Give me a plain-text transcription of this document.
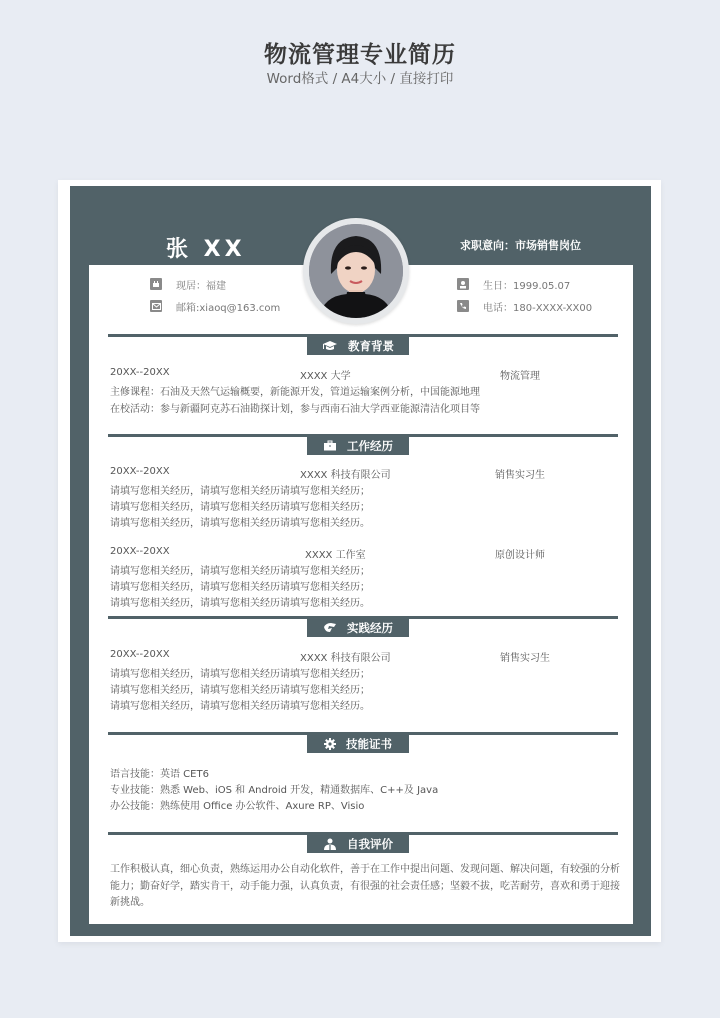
物流管理专业简历
Word格式 / A4大小 / 直接打印
张 XX	求职意向：市场销售岗位
现居：福建
邮箱:xiaoq@163.com
生日：1999.05.07
电话：180-XXXX-XX00
教育背景
20XX--20XX	XXXX 大学	物流管理
主修课程：石油及天然气运输概要，新能源开发，管道运输案例分析，中国能源地理
在校活动：参与新疆阿克苏石油勘探计划，参与西南石油大学西亚能源清洁化项目等
工作经历
20XX--20XX	XXXX 科技有限公司	销售实习生
请填写您相关经历，请填写您相关经历请填写您相关经历；
请填写您相关经历，请填写您相关经历请填写您相关经历；
请填写您相关经历，请填写您相关经历请填写您相关经历。
20XX--20XX	XXXX 工作室	原创设计师
请填写您相关经历，请填写您相关经历请填写您相关经历；
请填写您相关经历，请填写您相关经历请填写您相关经历；
请填写您相关经历，请填写您相关经历请填写您相关经历。
实践经历
20XX--20XX	XXXX 科技有限公司	销售实习生
请填写您相关经历，请填写您相关经历请填写您相关经历；
请填写您相关经历，请填写您相关经历请填写您相关经历；
请填写您相关经历，请填写您相关经历请填写您相关经历。
技能证书
语言技能：英语 CET6
专业技能：熟悉 Web、iOS 和 Android 开发，精通数据库、C++及 Java
办公技能：熟练使用 Office 办公软件、Axure RP、Visio
自我评价
工作积极认真，细心负责，熟练运用办公自动化软件，善于在工作中提出问题、发现问题、解决问题，有较强的分析能力；勤奋好学，踏实肯干，动手能力强，认真负责，有很强的社会责任感；坚毅不拔，吃苦耐劳，喜欢和勇于迎接新挑战。
